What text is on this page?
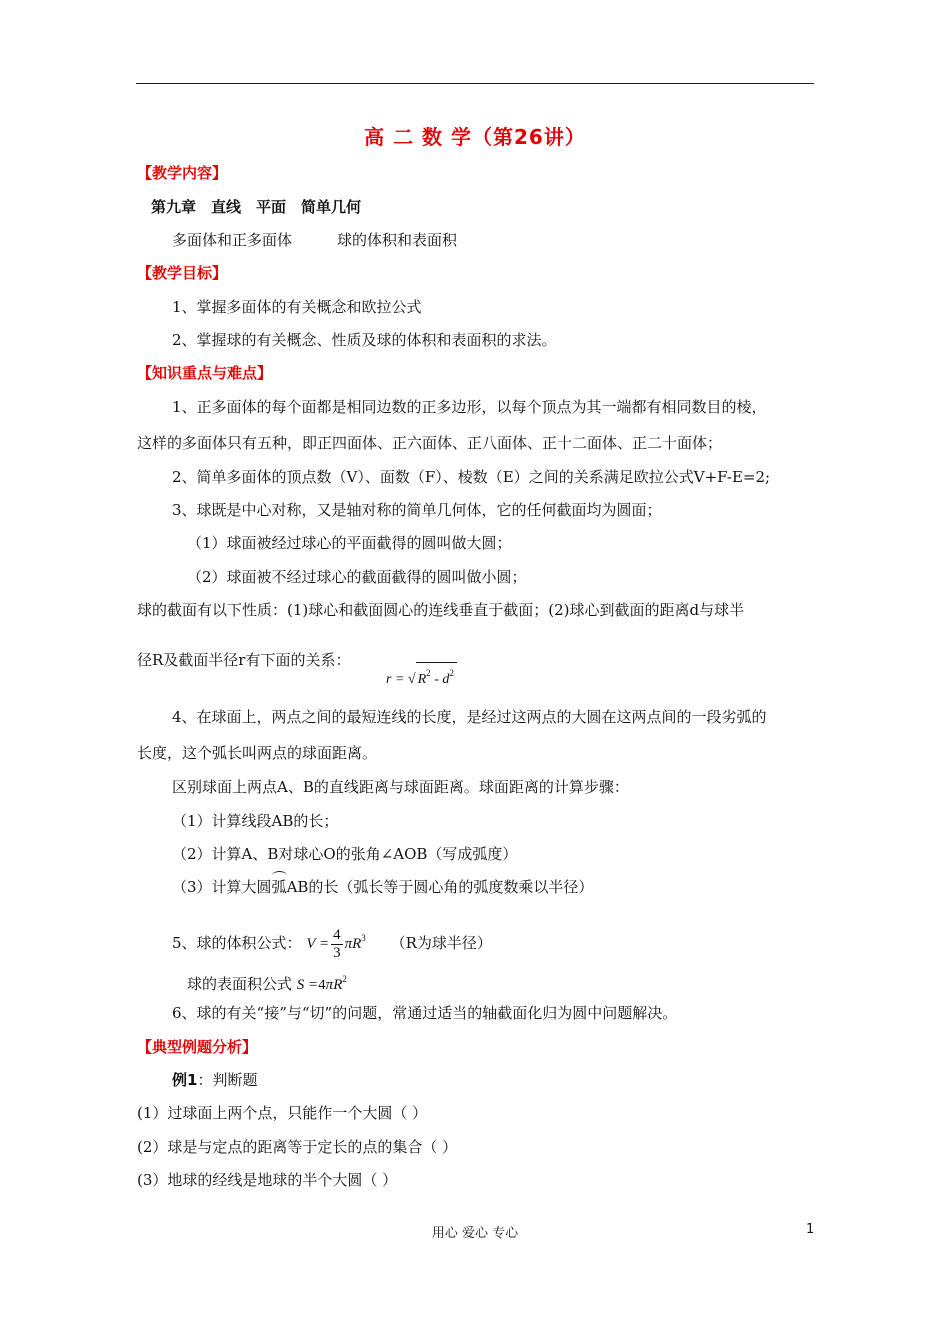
高 二 数 学（第26讲）
【教学内容】
第九章　直线　平面　简单几何
多面体和正多面体　　　球的体积和表面积
【教学目标】
1、掌握多面体的有关概念和欧拉公式
2、掌握球的有关概念、性质及球的体积和表面积的求法。
【知识重点与难点】
1、正多面体的每个面都是相同边数的正多边形，以每个顶点为其一端都有相同数目的棱，
这样的多面体只有五种，即正四面体、正六面体、正八面体、正十二面体、正二十面体；
2、简单多面体的顶点数（V）、面数（F）、棱数（E）之间的关系满足欧拉公式V+F-E=2;
3、球既是中心对称，又是轴对称的简单几何体，它的任何截面均为圆面；
（1）球面被经过球心的平面截得的圆叫做大圆；
（2）球面被不经过球心的截面截得的圆叫做小圆；
球的截面有以下性质：(1)球心和截面圆心的连线垂直于截面；(2)球心到截面的距离d与球半
径R及截面半径r有下面的关系：
r = √ $R^2 - d^2$
4、在球面上，两点之间的最短连线的长度，是经过这两点的大圆在这两点间的一段劣弧的
长度，这个弧长叫两点的球面距离。
区别球面上两点A、B的直线距离与球面距离。球面距离的计算步骤：
（1）计算线段AB的长；
（2）计算A、B对球心O的张角∠AOB（写成弧度）
（3）计算大圆弧AB的长（弧长等于圆心角的弧度数乘以半径）
5、球的体积公式： $V = \frac{4}{3} \pi R^3$ （R为球半径）
球的表面积公式 $S =4\pi R^2$
6、球的有关“接”与“切”的问题，常通过适当的轴截面化归为圆中问题解决。
【典型例题分析】
例1：判断题
(1）过球面上两个点，只能作一个大圆（ ）
(2）球是与定点的距离等于定长的点的集合（ ）
(3）地球的经线是地球的半个大圆（ ）
用心 爱心 专心	1
